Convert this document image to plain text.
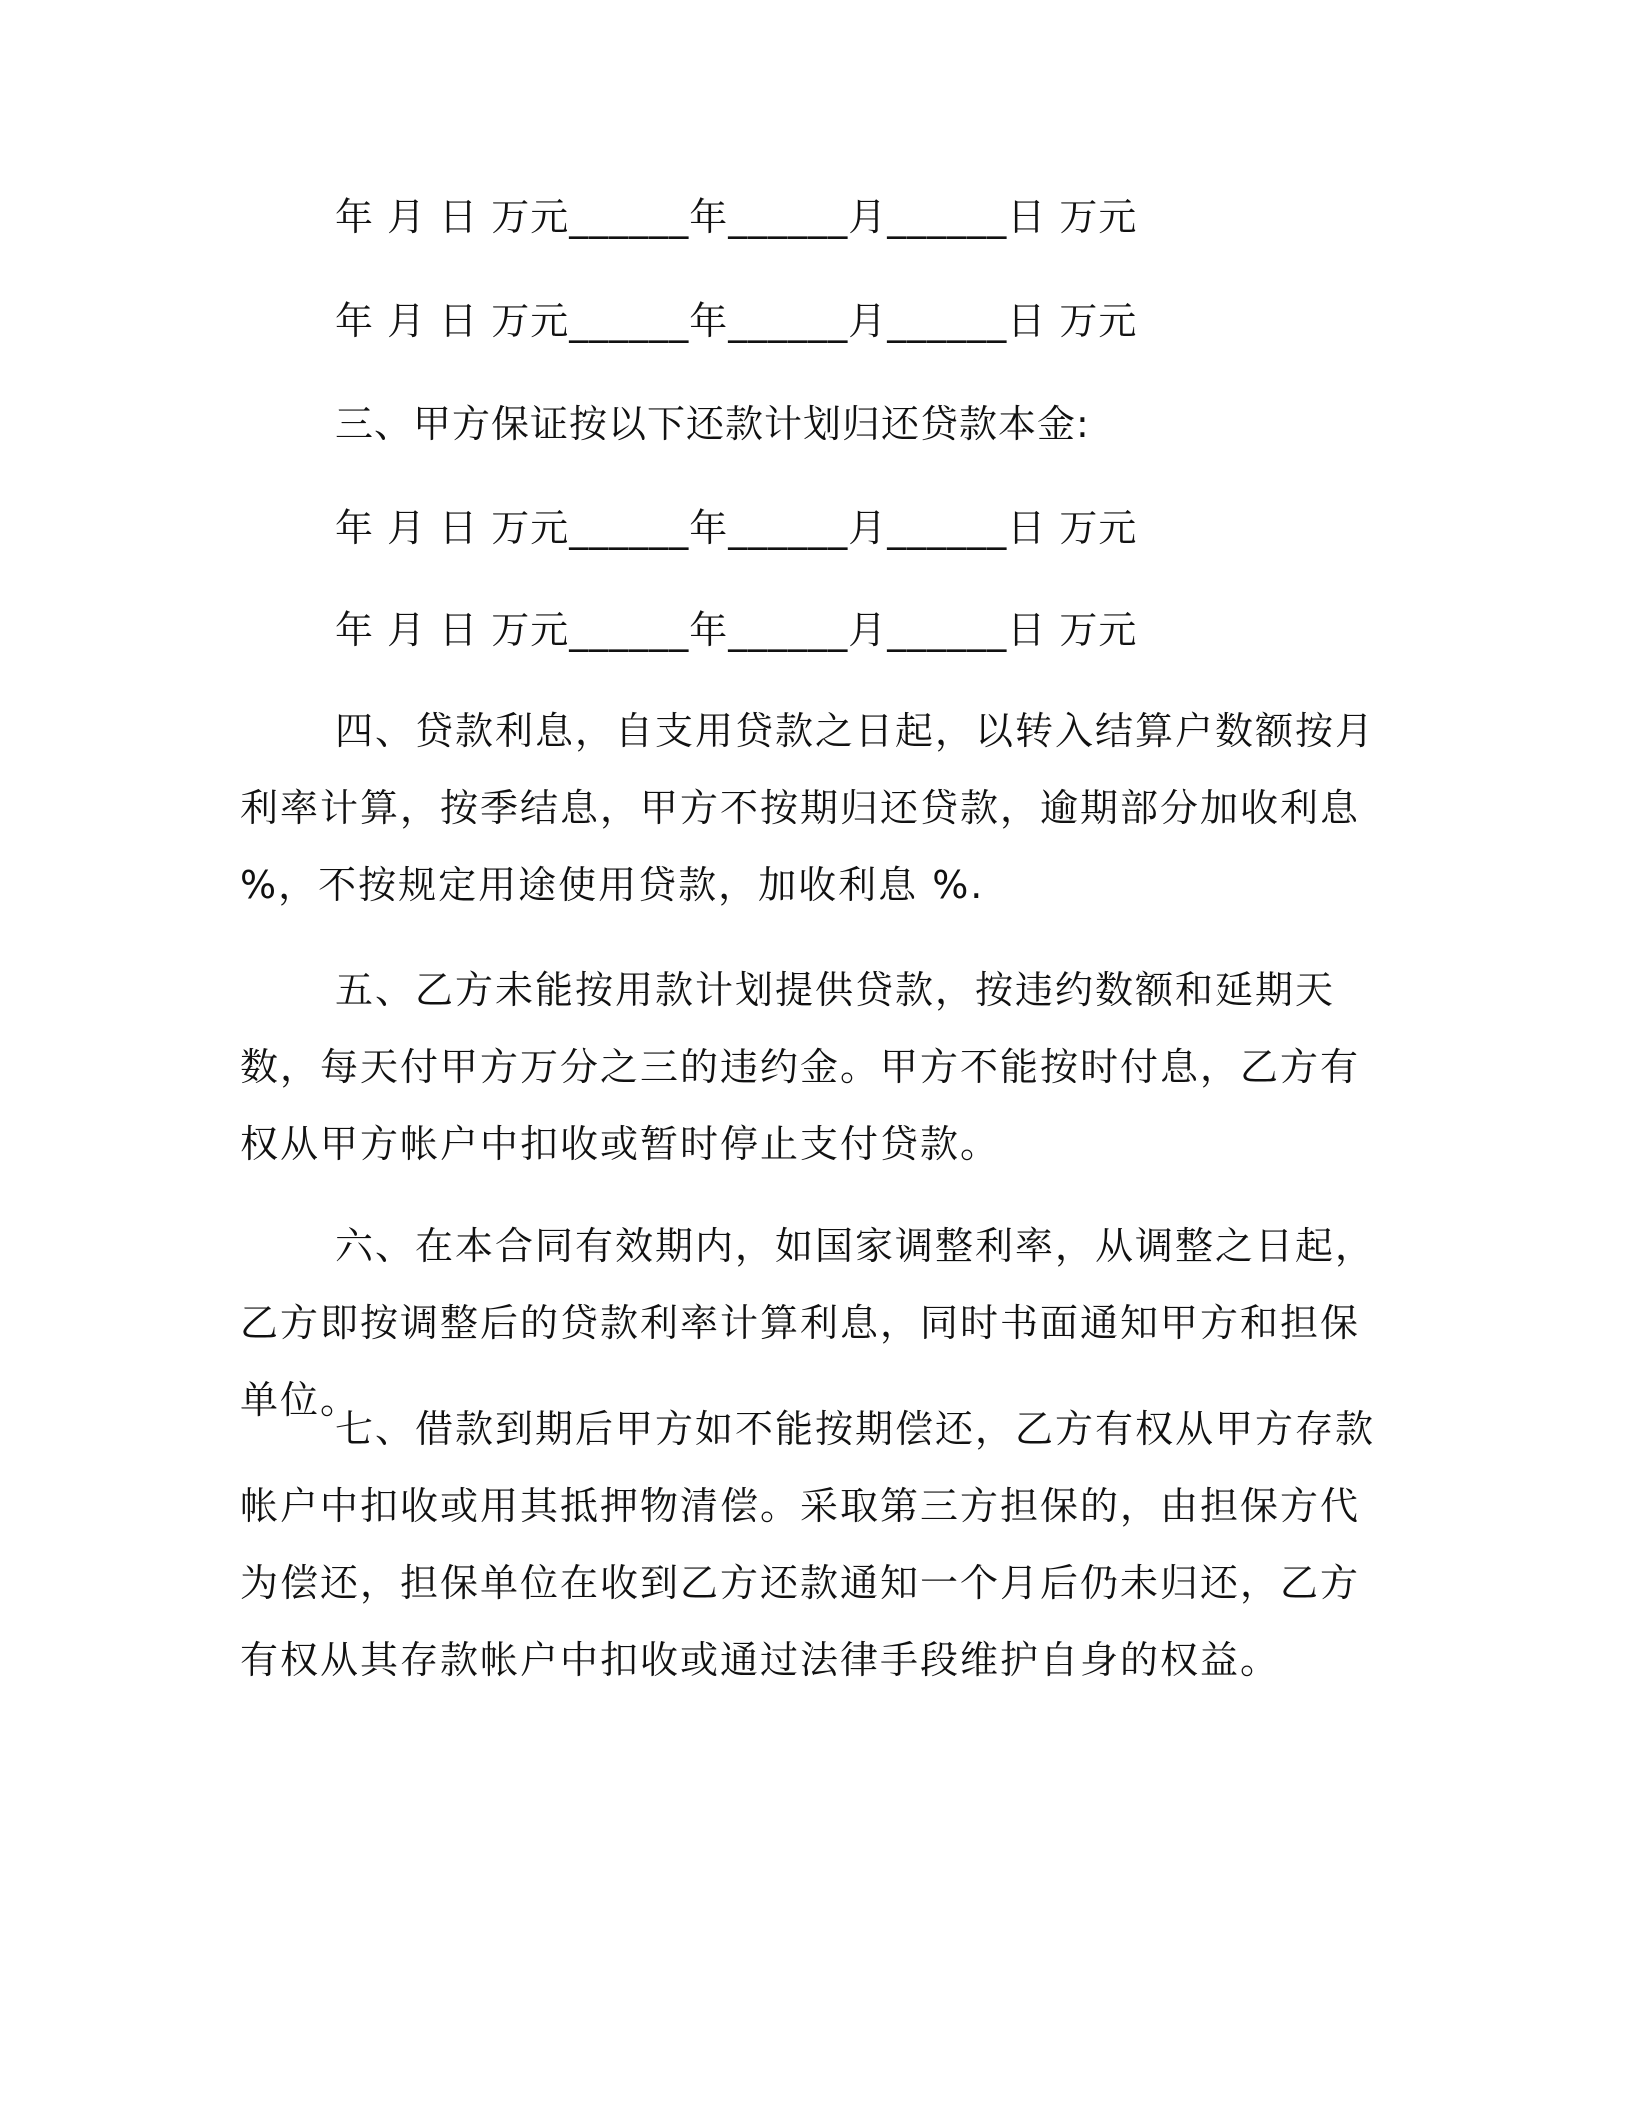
年 月 日 万元______年______月______日 万元
年 月 日 万元______年______月______日 万元
三、甲方保证按以下还款计划归还贷款本金:
年 月 日 万元______年______月______日 万元
年 月 日 万元______年______月______日 万元

四、贷款利息，自支用贷款之日起，以转入结算户数额按月利率计算，按季结息，甲方不按期归还贷款，逾期部分加收利息 %，不按规定用途使用贷款，加收利息 %.

五、乙方未能按用款计划提供贷款，按违约数额和延期天数，每天付甲方万分之三的违约金。甲方不能按时付息，乙方有权从甲方帐户中扣收或暂时停止支付贷款。

六、在本合同有效期内，如国家调整利率，从调整之日起，乙方即按调整后的贷款利率计算利息，同时书面通知甲方和担保单位。

七、借款到期后甲方如不能按期偿还，乙方有权从甲方存款帐户中扣收或用其抵押物清偿。采取第三方担保的，由担保方代为偿还，担保单位在收到乙方还款通知一个月后仍未归还，乙方有权从其存款帐户中扣收或通过法律手段维护自身的权益。
